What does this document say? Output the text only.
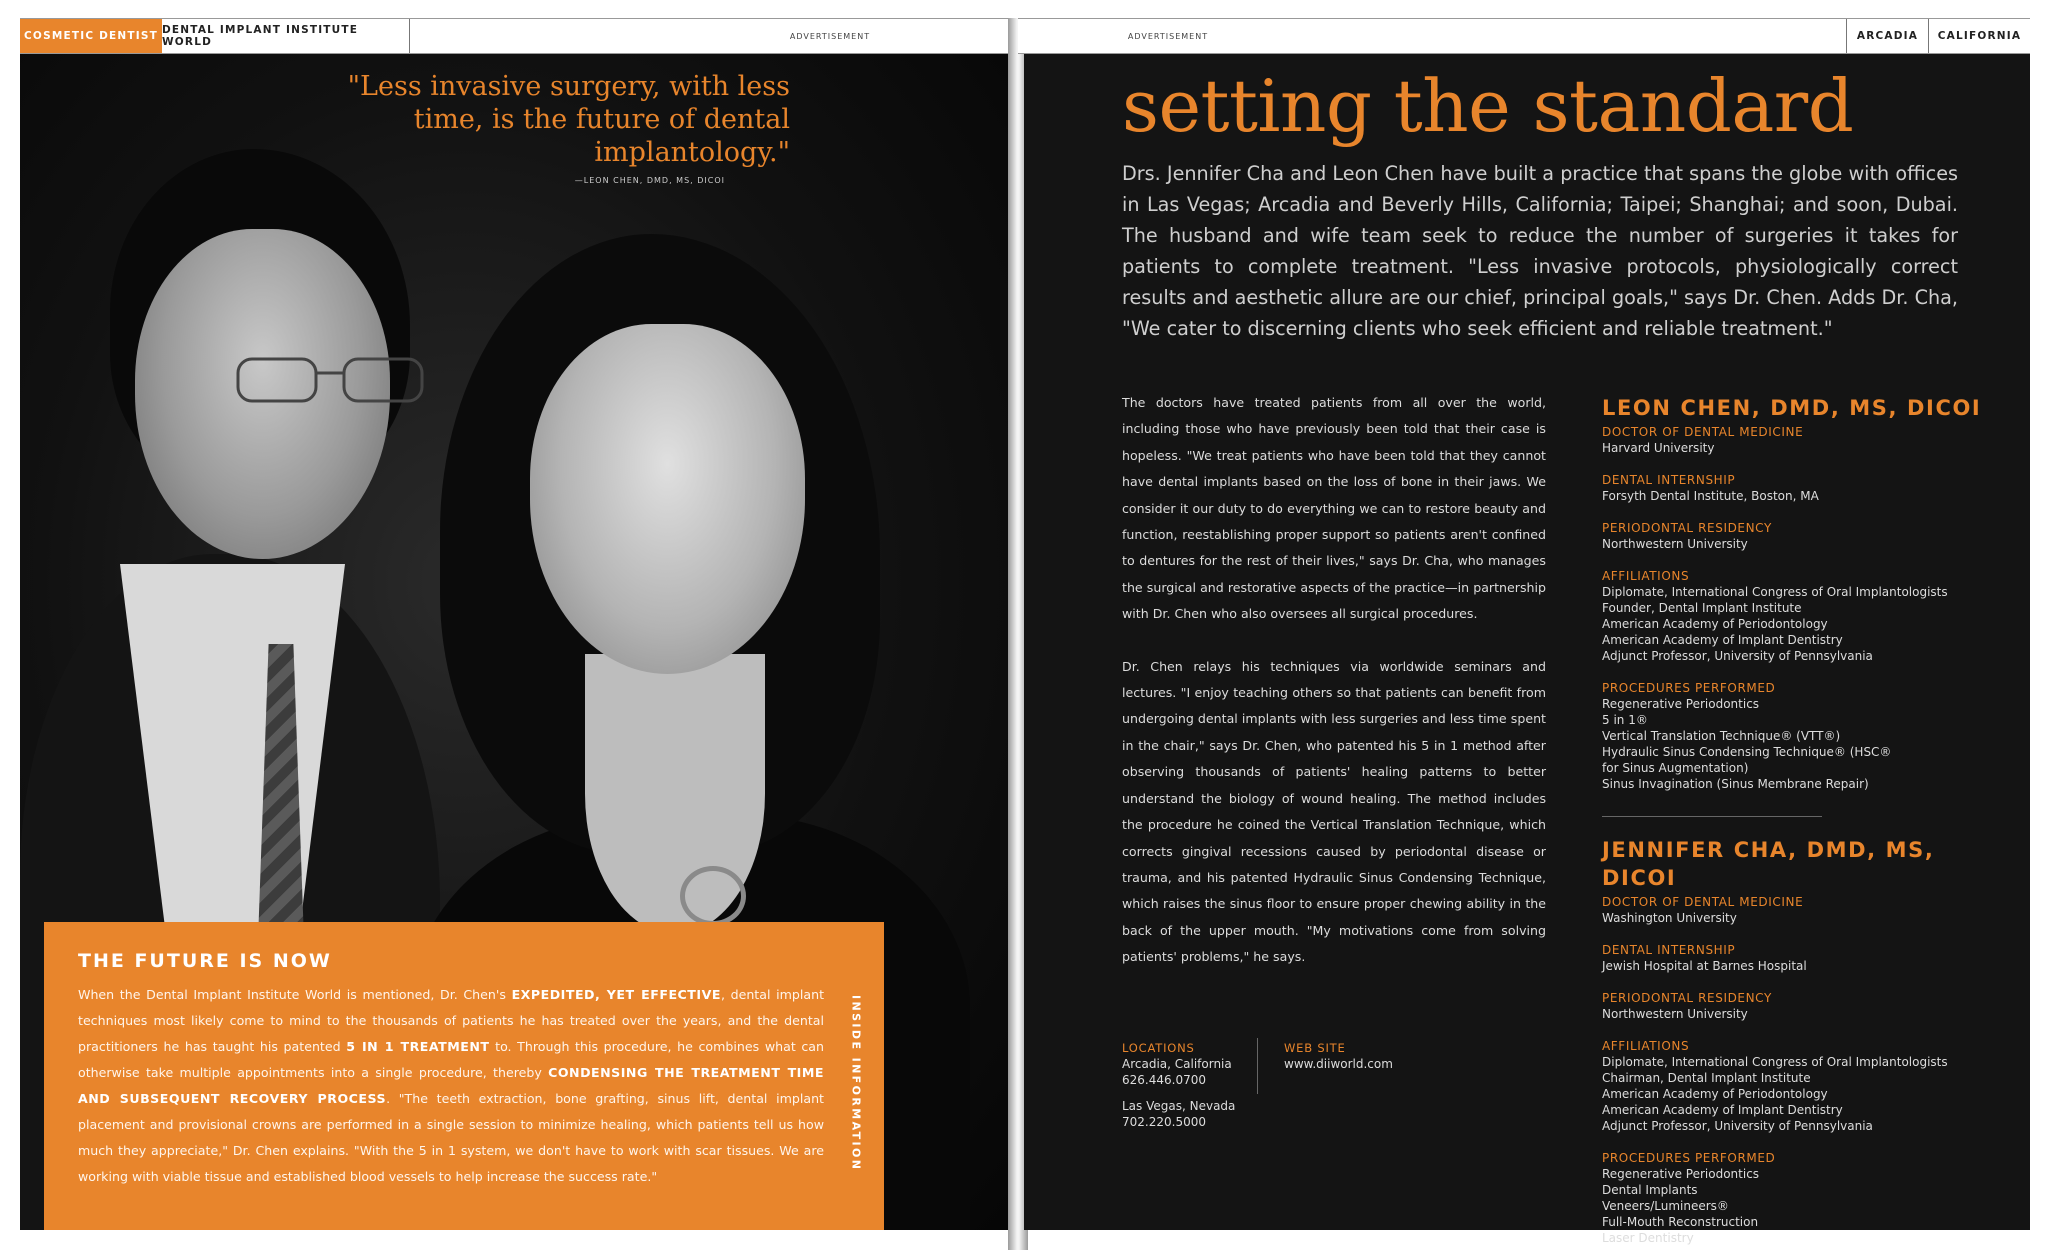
COSMETIC DENTIST DENTAL IMPLANT INSTITUTE WORLD	ADVERTISEMENT
"Less invasive surgery, with less time, is the future of dental implantology."
—LEON CHEN, DMD, MS, DICOI
THE FUTURE IS NOW
When the Dental Implant Institute World is mentioned, Dr. Chen's EXPEDITED, YET EFFECTIVE, dental implant techniques most likely come to mind to the thousands of patients he has treated over the years, and the dental practitioners he has taught his patented 5 IN 1 TREATMENT to. Through this procedure, he combines what can otherwise take multiple appointments into a single procedure, thereby CONDENSING THE TREATMENT TIME AND SUBSEQUENT RECOVERY PROCESS. "The teeth extraction, bone grafting, sinus lift, dental implant placement and provisional crowns are performed in a single session to minimize healing, which patients tell us how much they appreciate," Dr. Chen explains. "With the 5 in 1 system, we don't have to work with scar tissues. We are working with viable tissue and established blood vessels to help increase the success rate."
INSIDE INFORMATION
ADVERTISEMENT	ARCADIA	CALIFORNIA
setting the standard
Drs. Jennifer Cha and Leon Chen have built a practice that spans the globe with offices in Las Vegas; Arcadia and Beverly Hills, California; Taipei; Shanghai; and soon, Dubai. The husband and wife team seek to reduce the number of surgeries it takes for patients to complete treatment. "Less invasive protocols, physiologically correct results and aesthetic allure are our chief, principal goals," says Dr. Chen. Adds Dr. Cha, "We cater to discerning clients who seek efficient and reliable treatment."

The doctors have treated patients from all over the world, including those who have previously been told that their case is hopeless. "We treat patients who have been told that they cannot have dental implants based on the loss of bone in their jaws. We consider it our duty to do everything we can to restore beauty and function, reestablishing proper support so patients aren't confined to dentures for the rest of their lives," says Dr. Cha, who manages the surgical and restorative aspects of the practice—in partnership with Dr. Chen who also oversees all surgical procedures.

Dr. Chen relays his techniques via worldwide seminars and lectures. "I enjoy teaching others so that patients can benefit from undergoing dental implants with less surgeries and less time spent in the chair," says Dr. Chen, who patented his 5 in 1 method after observing thousands of patients' healing patterns to better understand the biology of wound healing. The method includes the procedure he coined the Vertical Translation Technique, which corrects gingival recessions caused by periodontal disease or trauma, and his patented Hydraulic Sinus Condensing Technique, which raises the sinus floor to ensure proper chewing ability in the back of the upper mouth. "My motivations come from solving patients' problems," he says.

LOCATIONS
Arcadia, California
626.446.0700
Las Vegas, Nevada
702.220.5000
WEB SITE
www.diiworld.com
LEON CHEN, DMD, MS, DICOI
DOCTOR OF DENTAL MEDICINE
Harvard University
DENTAL INTERNSHIP
Forsyth Dental Institute, Boston, MA
PERIODONTAL RESIDENCY
Northwestern University
AFFILIATIONS
Diplomate, International Congress of Oral Implantologists
Founder, Dental Implant Institute
American Academy of Periodontology
American Academy of Implant Dentistry
Adjunct Professor, University of Pennsylvania
PROCEDURES PERFORMED
Regenerative Periodontics
5 in 1®
Vertical Translation Technique® (VTT®)
Hydraulic Sinus Condensing Technique® (HSC®
for Sinus Augmentation)
Sinus Invagination (Sinus Membrane Repair)
JENNIFER CHA, DMD, MS, DICOI
DOCTOR OF DENTAL MEDICINE
Washington University
DENTAL INTERNSHIP
Jewish Hospital at Barnes Hospital
PERIODONTAL RESIDENCY
Northwestern University
AFFILIATIONS
Diplomate, International Congress of Oral Implantologists
Chairman, Dental Implant Institute
American Academy of Periodontology
American Academy of Implant Dentistry
Adjunct Professor, University of Pennsylvania
PROCEDURES PERFORMED
Regenerative Periodontics
Dental Implants
Veneers/Lumineers®
Full-Mouth Reconstruction
Laser Dentistry
